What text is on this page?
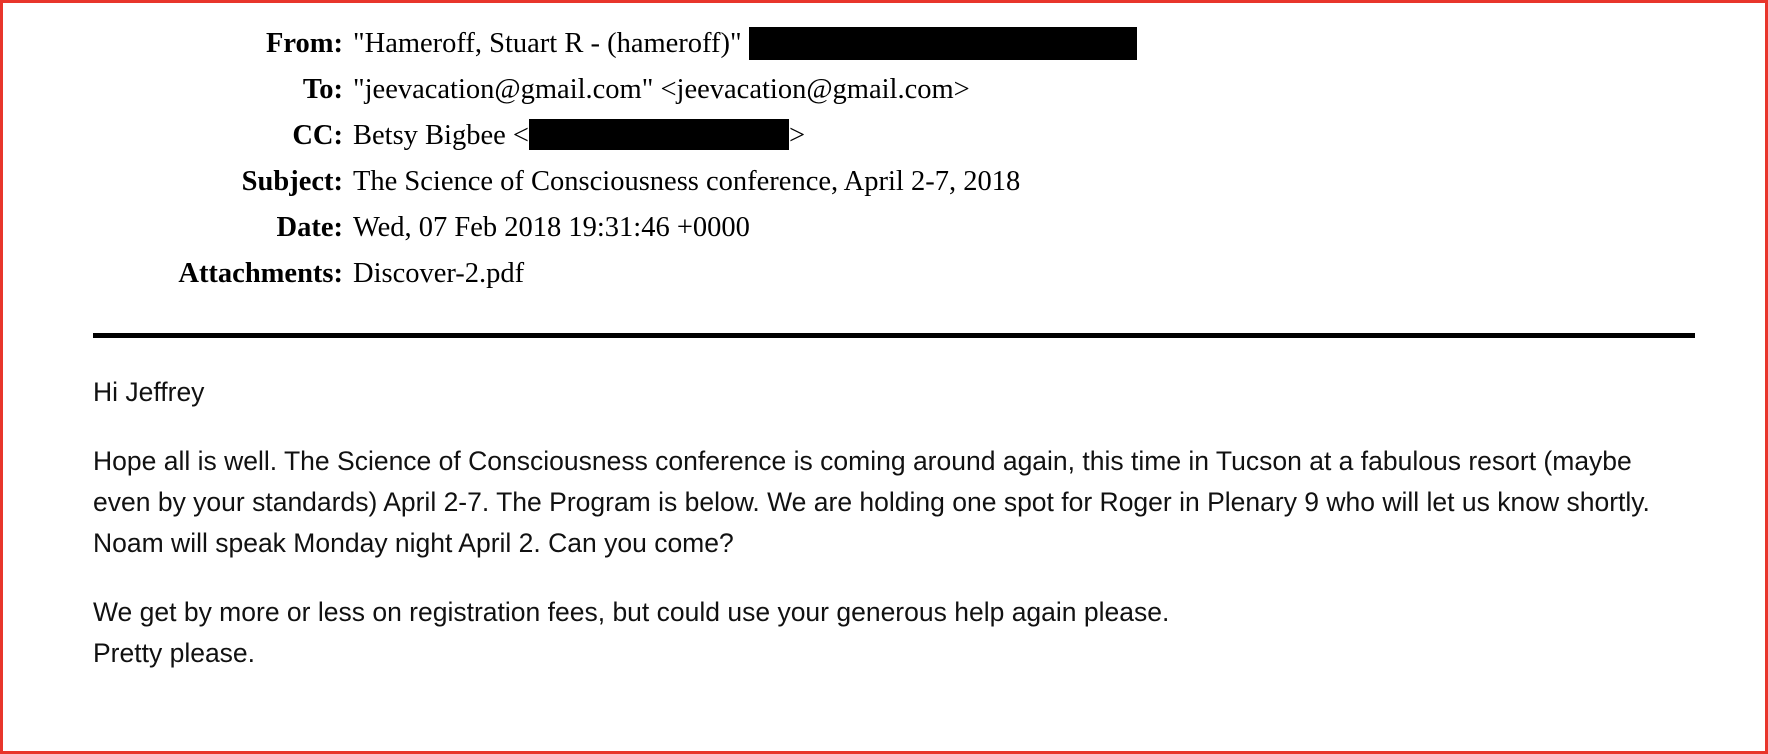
From:	"Hameroff, Stuart R - (hameroff)"
To:	"jeevacation@gmail.com" <jeevacation@gmail.com>
CC:	Betsy Bigbee < >
Subject:	The Science of Consciousness conference, April 2-7, 2018
Date:	Wed, 07 Feb 2018 19:31:46 +0000
Attachments:	Discover-2.pdf

Hi Jeffrey

Hope all is well. The Science of Consciousness conference is coming around again, this time in Tucson at a fabulous resort (maybe even by your standards) April 2-7. The Program is below. We are holding one spot for Roger in Plenary 9 who will let us know shortly. Noam will speak Monday night April 2. Can you come?

We get by more or less on registration fees, but could use your generous help again please.

Pretty please.
